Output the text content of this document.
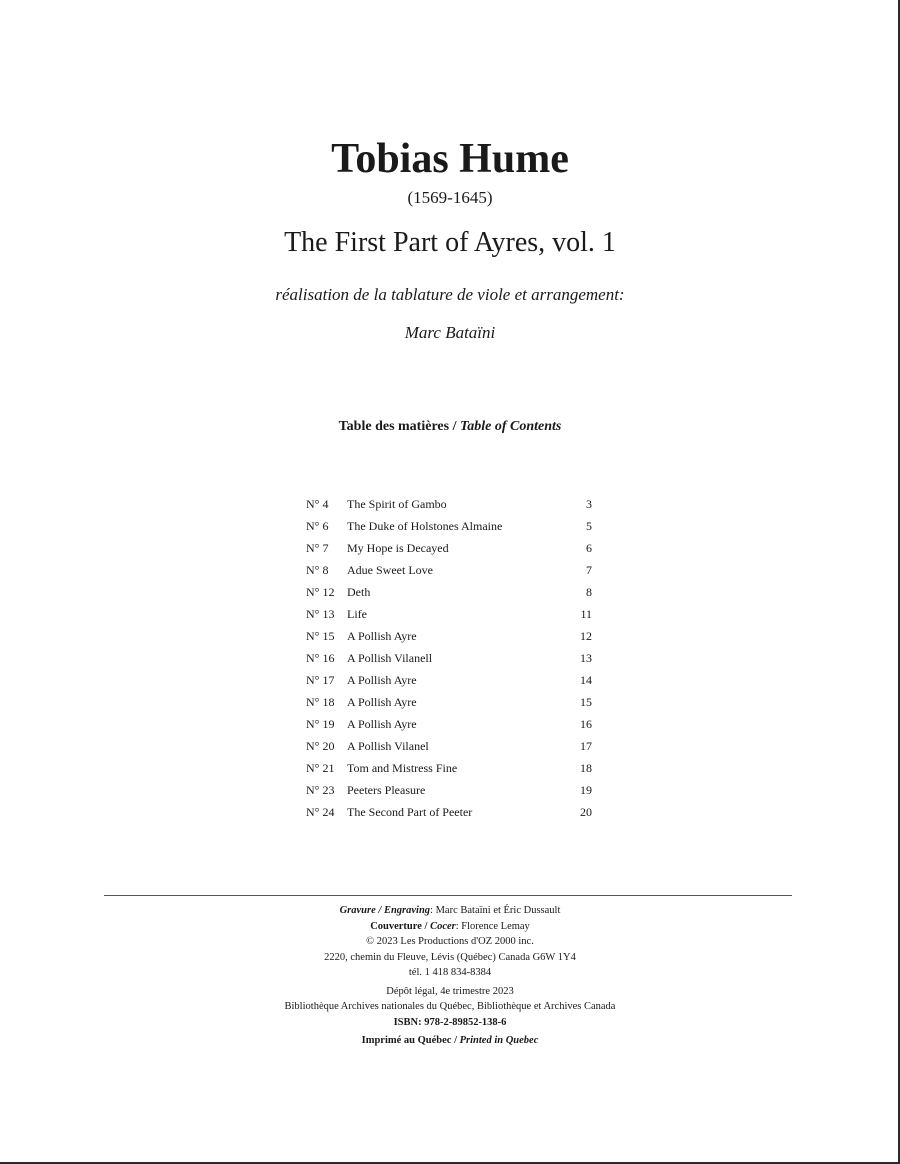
Tobias Hume
(1569-1645)
The First Part of Ayres, vol. 1
réalisation de la tablature de viole et arrangement:
Marc Bataïni
Table des matières / Table of Contents
N° 4	The Spirit of Gambo	3
N° 6	The Duke of Holstones Almaine	5
N° 7	My Hope is Decayed	6
N° 8	Adue Sweet Love	7
N° 12	Deth	8
N° 13	Life	11
N° 15	A Pollish Ayre	12
N° 16	A Pollish Vilanell	13
N° 17	A Pollish Ayre	14
N° 18	A Pollish Ayre	15
N° 19	A Pollish Ayre	16
N° 20	A Pollish Vilanel	17
N° 21	Tom and Mistress Fine	18
N° 23	Peeters Pleasure	19
N° 24	The Second Part of Peeter	20
Gravure / Engraving: Marc Bataïni et Éric Dussault
Couverture / Cocer: Florence Lemay
© 2023 Les Productions d'OZ 2000 inc.
2220, chemin du Fleuve, Lévis (Québec) Canada G6W 1Y4
tél. 1 418 834-8384
Dépôt légal, 4e trimestre 2023
Bibliothèque Archives nationales du Québec, Bibliothèque et Archives Canada
ISBN: 978-2-89852-138-6
Imprimé au Québec / Printed in Quebec
